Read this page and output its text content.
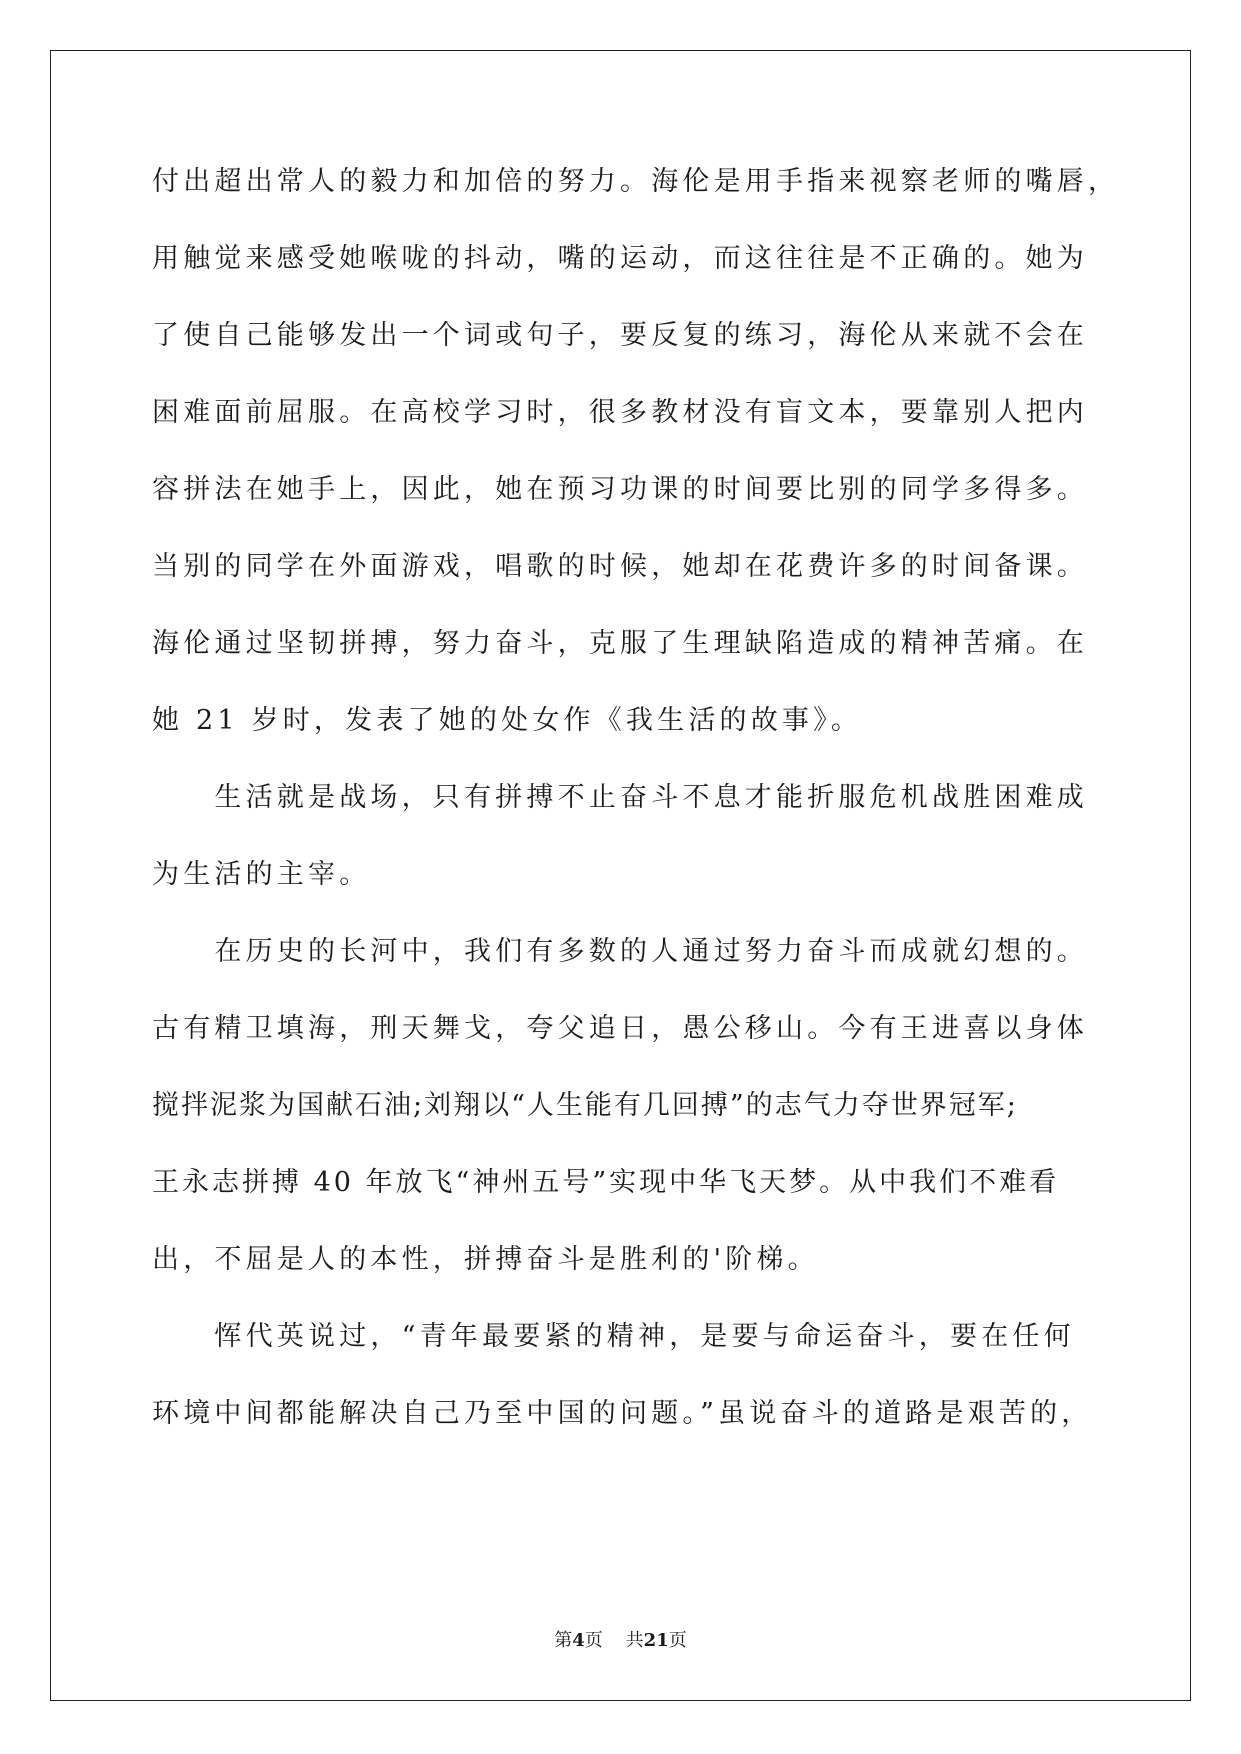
付出超出常人的毅力和加倍的努力。海伦是用手指来视察老师的嘴唇，
用触觉来感受她喉咙的抖动，嘴的运动，而这往往是不正确的。她为
了使自己能够发出一个词或句子，要反复的练习，海伦从来就不会在
困难面前屈服。在高校学习时，很多教材没有盲文本，要靠别人把内
容拼法在她手上，因此，她在预习功课的时间要比别的同学多得多。
当别的同学在外面游戏，唱歌的时候，她却在花费许多的时间备课。
海伦通过坚韧拼搏，努力奋斗，克服了生理缺陷造成的精神苦痛。在
她 21 岁时，发表了她的处女作《我生活的故事》。
　　生活就是战场，只有拼搏不止奋斗不息才能折服危机战胜困难成
为生活的主宰。
　　在历史的长河中，我们有多数的人通过努力奋斗而成就幻想的。
古有精卫填海，刑天舞戈，夸父追日，愚公移山。今有王进喜以身体
搅拌泥浆为国献石油;刘翔以“人生能有几回搏”的志气力夺世界冠军;
王永志拼搏 40 年放飞“神州五号”实现中华飞天梦。从中我们不难看
出，不屈是人的本性，拼搏奋斗是胜利的'阶梯。
　　恽代英说过，“青年最要紧的精神，是要与命运奋斗，要在任何
环境中间都能解决自己乃至中国的问题。”虽说奋斗的道路是艰苦的，
第4页 共21页
